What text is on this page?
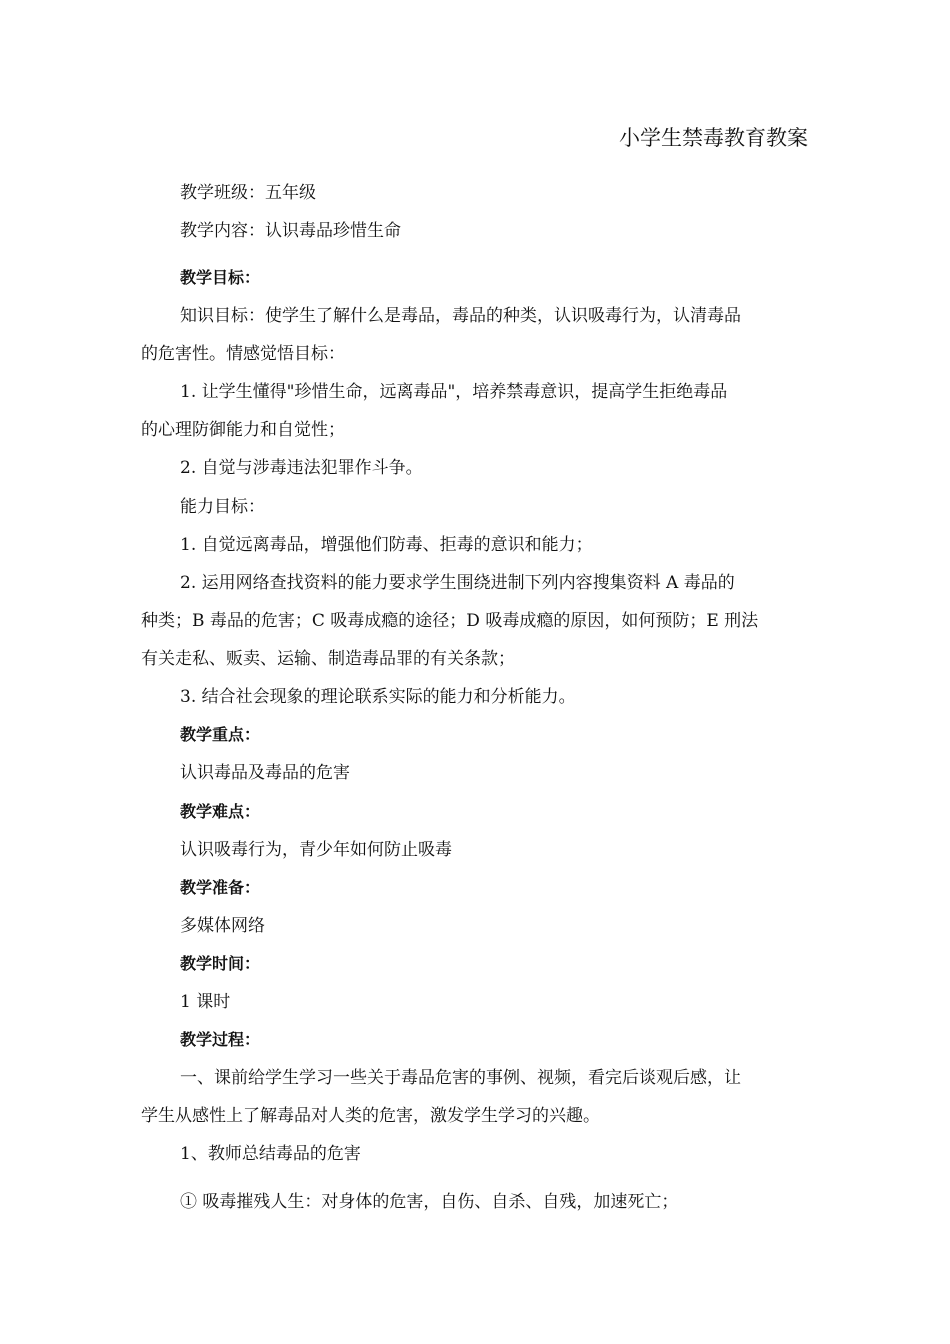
小学生禁毒教育教案
教学班级：五年级
教学内容：认识毒品珍惜生命
教学目标：
知识目标：使学生了解什么是毒品，毒品的种类，认识吸毒行为，认清毒品
的危害性。情感觉悟目标：
1. 让学生懂得"珍惜生命，远离毒品"，培养禁毒意识，提高学生拒绝毒品
的心理防御能力和自觉性；
2. 自觉与涉毒违法犯罪作斗争。
能力目标：
1. 自觉远离毒品，增强他们防毒、拒毒的意识和能力；
2. 运用网络查找资料的能力要求学生围绕进制下列内容搜集资料 A 毒品的
种类；B 毒品的危害；C 吸毒成瘾的途径；D 吸毒成瘾的原因，如何预防；E 刑法
有关走私、贩卖、运输、制造毒品罪的有关条款；
3. 结合社会现象的理论联系实际的能力和分析能力。
教学重点：
认识毒品及毒品的危害
教学难点：
认识吸毒行为，青少年如何防止吸毒
教学准备：
多媒体网络
教学时间：
1 课时
教学过程：
一、课前给学生学习一些关于毒品危害的事例、视频，看完后谈观后感，让
学生从感性上了解毒品对人类的危害，激发学生学习的兴趣。
1、教师总结毒品的危害
① 吸毒摧残人生：对身体的危害，自伤、自杀、自残，加速死亡；
